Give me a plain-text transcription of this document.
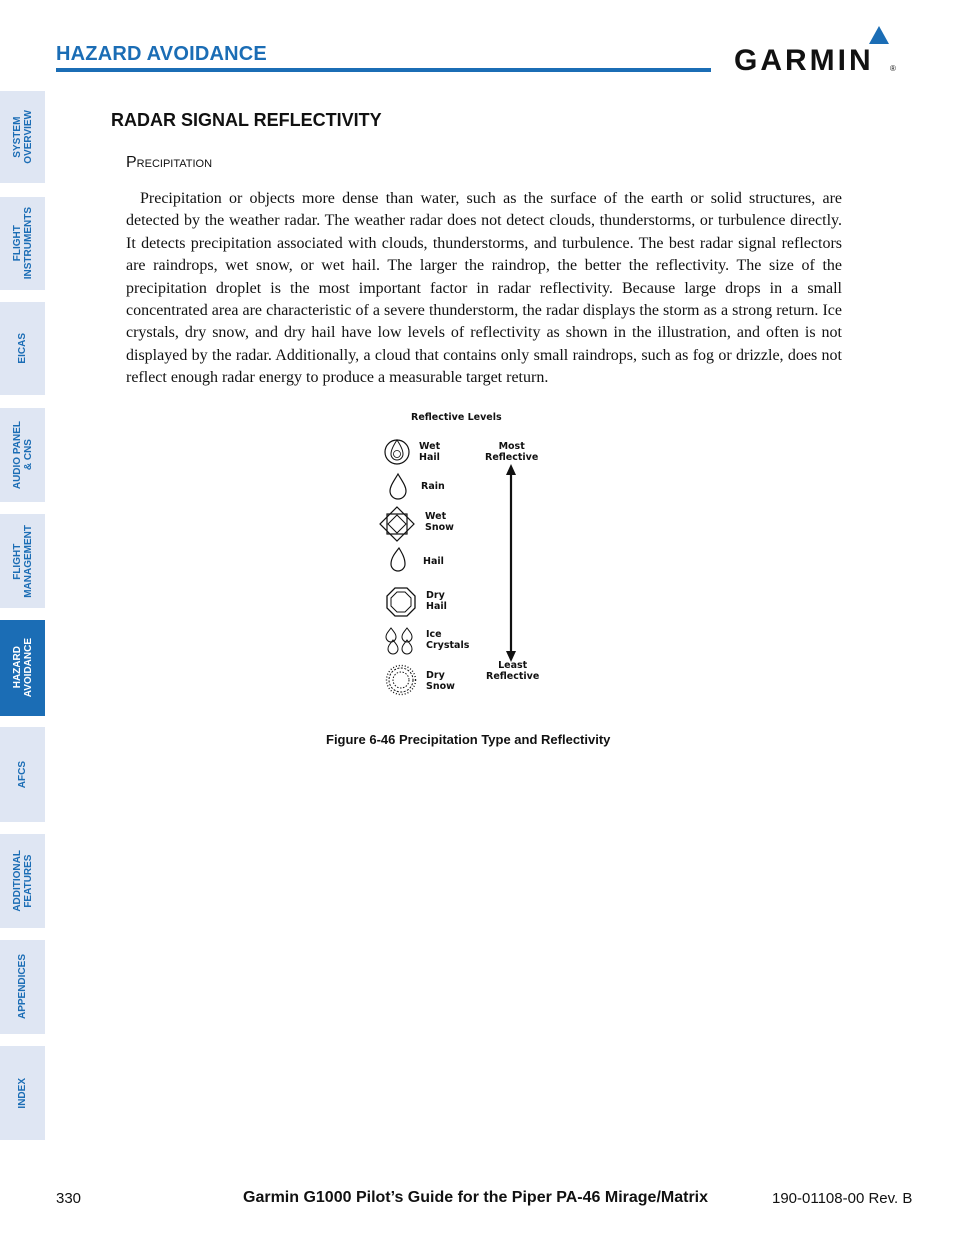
HAZARD AVOIDANCE	GARMIN ®
SYSTEM
OVERVIEW
FLIGHT
INSTRUMENTS
EICAS
AUDIO PANEL
& CNS
FLIGHT
MANAGEMENT
HAZARD
AVOIDANCE
AFCS
ADDITIONAL
FEATURES
APPENDICES
INDEX
RADAR SIGNAL REFLECTIVITY
Precipitation
Precipitation or objects more dense than water, such as the surface of the earth or solid structures, are detected by the weather radar. The weather radar does not detect clouds, thunderstorms, or turbulence directly. It detects precipitation associated with clouds, thunderstorms, and turbulence. The best radar signal reflectors are raindrops, wet snow, or wet hail. The larger the raindrop, the better the reflectivity. The size of the precipitation droplet is the most important factor in radar reflectivity. Because large drops in a small concentrated area are characteristic of a severe thunderstorm, the radar displays the storm as a strong return. Ice crystals, dry snow, and dry hail have low levels of reflectivity as shown in the illustration, and often is not displayed by the radar. Additionally, a cloud that contains only small raindrops, such as fog or drizzle, does not reflect enough radar energy to produce a measurable target return.
Reflective Levels
Wet
Hail
Rain
Wet
Snow
Hail
Dry
Hail
Ice
Crystals
Dry
Snow
Most
Reflective
Least
Reflective
Figure 6-46 Precipitation Type and Reflectivity
330	Garmin G1000 Pilot’s Guide for the Piper PA-46 Mirage/Matrix	190-01108-00 Rev. B
